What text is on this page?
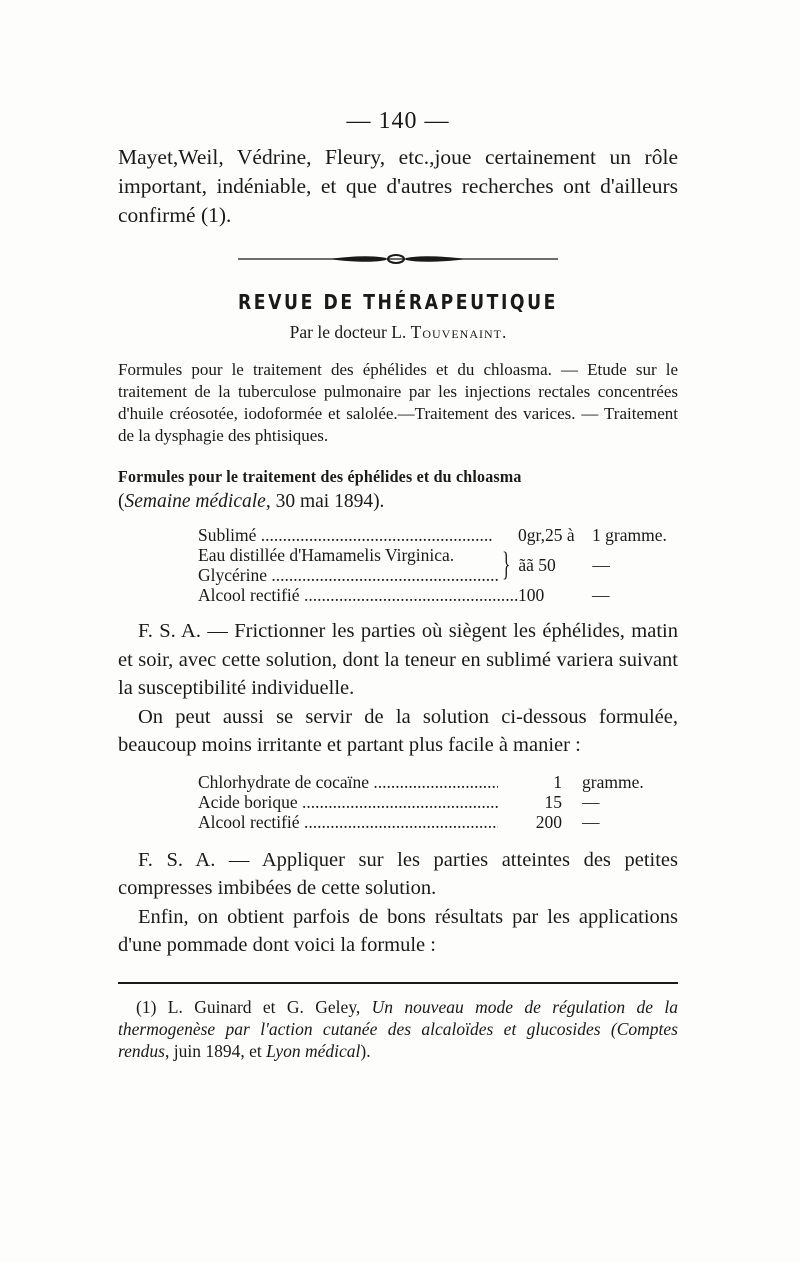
— 140 —
Mayet,Weil, Védrine, Fleury, etc.,joue certainement un rôle important, indéniable, et que d'autres recherches ont d'ailleurs confirmé (1).
REVUE DE THÉRAPEUTIQUE
Par le docteur L. Touvenaint.
Formules pour le traitement des éphélides et du chloasma. — Etude sur le traitement de la tuberculose pulmonaire par les injections rectales concentrées d'huile créosotée, iodoformée et salolée.—Traitement des varices. — Traitement de la dysphagie des phtisiques.
Formules pour le traitement des éphélides et du chloasma
(Semaine médicale, 30 mai 1894).
Sublimé .....	0gr,25 à 1 gramme.
Eau distillée d'Hamamelis Virginica.
Glycérine .....	} ãã 50	—
Alcool rectifié .....	100	—
F. S. A. — Frictionner les parties où siègent les éphélides, matin et soir, avec cette solution, dont la teneur en sublimé variera suivant la susceptibilité individuelle.
On peut aussi se servir de la solution ci-dessous formulée, beaucoup moins irritante et partant plus facile à manier :
Chlorhydrate de cocaïne .....	1	gramme.
Acide borique .....	15	—
Alcool rectifié .....	200	—
F. S. A. — Appliquer sur les parties atteintes des petites compresses imbibées de cette solution.
Enfin, on obtient parfois de bons résultats par les applications d'une pommade dont voici la formule :
(1) L. Guinard et G. Geley, Un nouveau mode de régulation de la thermogenèse par l'action cutanée des alcaloïdes et glucosides (Comptes rendus, juin 1894, et Lyon médical).
